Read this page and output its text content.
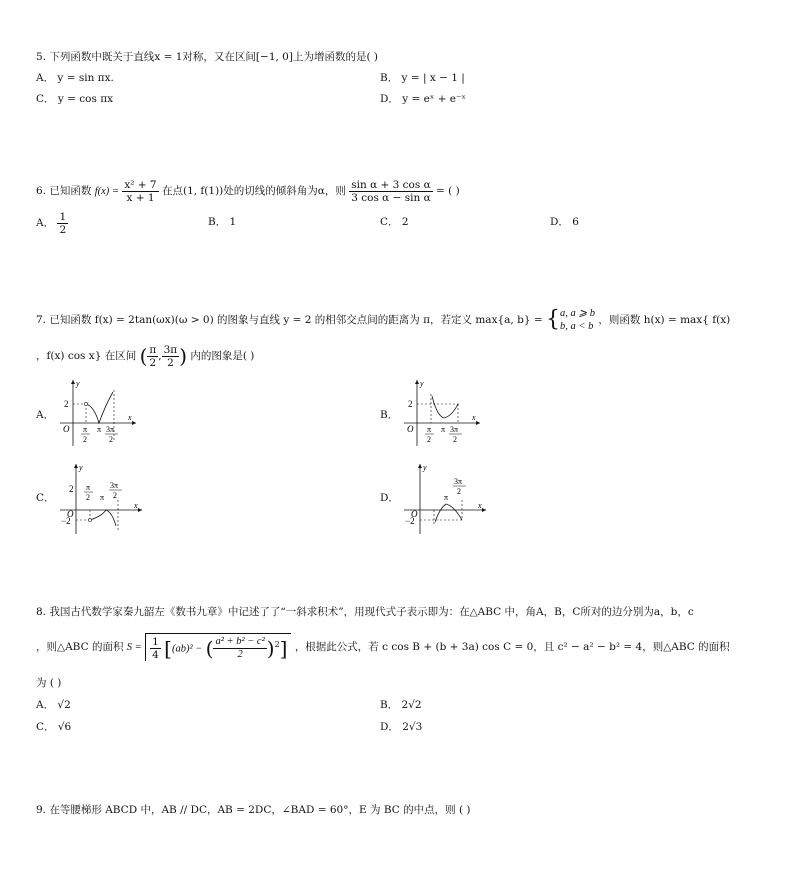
5. 下列函数中既关于直线x = 1对称，又在区间[−1, 0]上为增函数的是( )
A． y = sin πx.	B． y = | x − 1 |
C． y = cos πx	D． y = eˣ + e⁻ˣ
6. 已知函数 $f(x) = \frac{\text{x² + 7}}{x + 1}$ 在点(1, f(1))处的切线的倾斜角为α，则 $\frac{\text{sin α + 3 cos α}}{\text{3 cos α − sin α}}$ = ( )
A． $\frac{1}{2}$	B． 1	C． 2	D． 6
7. 已知函数 f(x) = 2tan(ωx)(ω > 0) 的图象与直线 y = 2 的相邻交点间的距离为 π，若定义 max{a, b} = { a, a ⩾ b
b, a < b
，则函数 h(x) = max{ f(x)
，f(x) cos x} 在区间 ( $\frac{\pi}{2}$ , $\frac{3\pi}{2}$ ) 内的图象是( )
A．	B．
C．	D．
y
x
O
2
π
2
π 3π
2
y
x
O
2
π
2
π 3π
2
y
x
O
2
−2
π
2 π
3π
2
y
x
O
−2
π
3π
2
8. 我国古代数学家秦九韶左《数书九章》中记述了了“一斜求积术”，用现代式子表示即为：在△ABC 中，角A，B，C所对的边分别为a，b，c
，则△ABC 的面积 $S = \frac{1}{4} [(ab)^2$ − ( $\frac{\text{a² + b² − c²}}{2} )^2$] ，根据此公式，若 c cos B + (b + 3a) cos C = 0，且 c² − a² − b² = 4，则△ABC 的面积
为 ( )
A． √2	B． 2√2
C． √6	D． 2√3
9. 在等腰梯形 ABCD 中，AB // DC，AB = 2DC，∠BAD = 60°，E 为 BC 的中点，则 ( )
